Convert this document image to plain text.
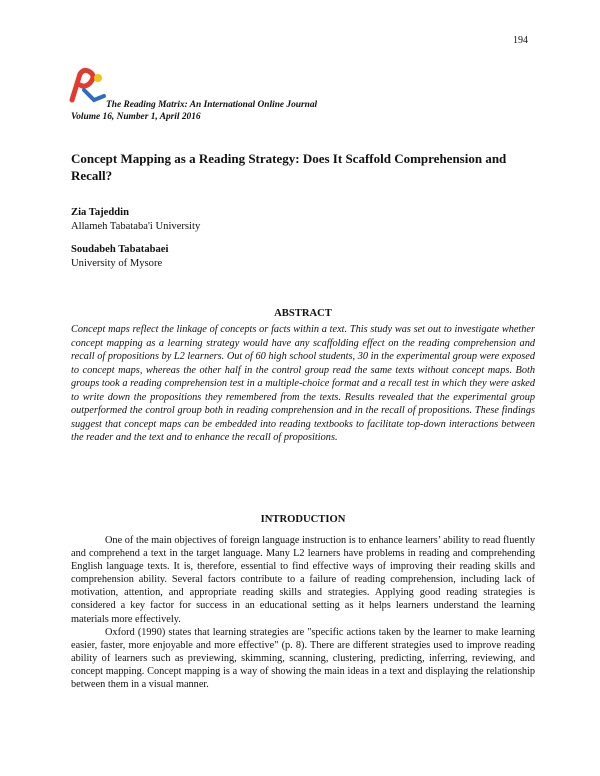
194
The Reading Matrix: An International Online Journal
Volume 16, Number 1, April 2016
Concept Mapping as a Reading Strategy: Does It Scaffold Comprehension and Recall?
Zia Tajeddin
Allameh Tabataba'i University
Soudabeh Tabatabaei
University of Mysore
ABSTRACT

Concept maps reflect the linkage of concepts or facts within a text. This study was set out to investigate whether concept mapping as a learning strategy would have any scaffolding effect on the reading comprehension and recall of propositions by L2 learners. Out of 60 high school students, 30 in the experimental group were exposed to concept maps, whereas the other half in the control group read the same texts without concept maps. Both groups took a reading comprehension test in a multiple-choice format and a recall test in which they were asked to write down the propositions they remembered from the texts. Results revealed that the experimental group outperformed the control group both in reading comprehension and in the recall of propositions. These findings suggest that concept maps can be embedded into reading textbooks to facilitate top-down interactions between the reader and the text and to enhance the recall of propositions.

INTRODUCTION

One of the main objectives of foreign language instruction is to enhance learners’ ability to read fluently and comprehend a text in the target language. Many L2 learners have problems in reading and comprehending English language texts. It is, therefore, essential to find effective ways of improving their reading skills and comprehension ability. Several factors contribute to a failure of reading comprehension, including lack of motivation, attention, and appropriate reading skills and strategies. Applying good reading strategies is considered a key factor for success in an educational setting as it helps learners understand the learning materials more effectively.

Oxford (1990) states that learning strategies are "specific actions taken by the learner to make learning easier, faster, more enjoyable and more effective" (p. 8). There are different strategies used to improve reading ability of learners such as previewing, skimming, scanning, clustering, predicting, inferring, reviewing, and concept mapping. Concept mapping is a way of showing the main ideas in a text and displaying the relationship between them in a visual manner.
